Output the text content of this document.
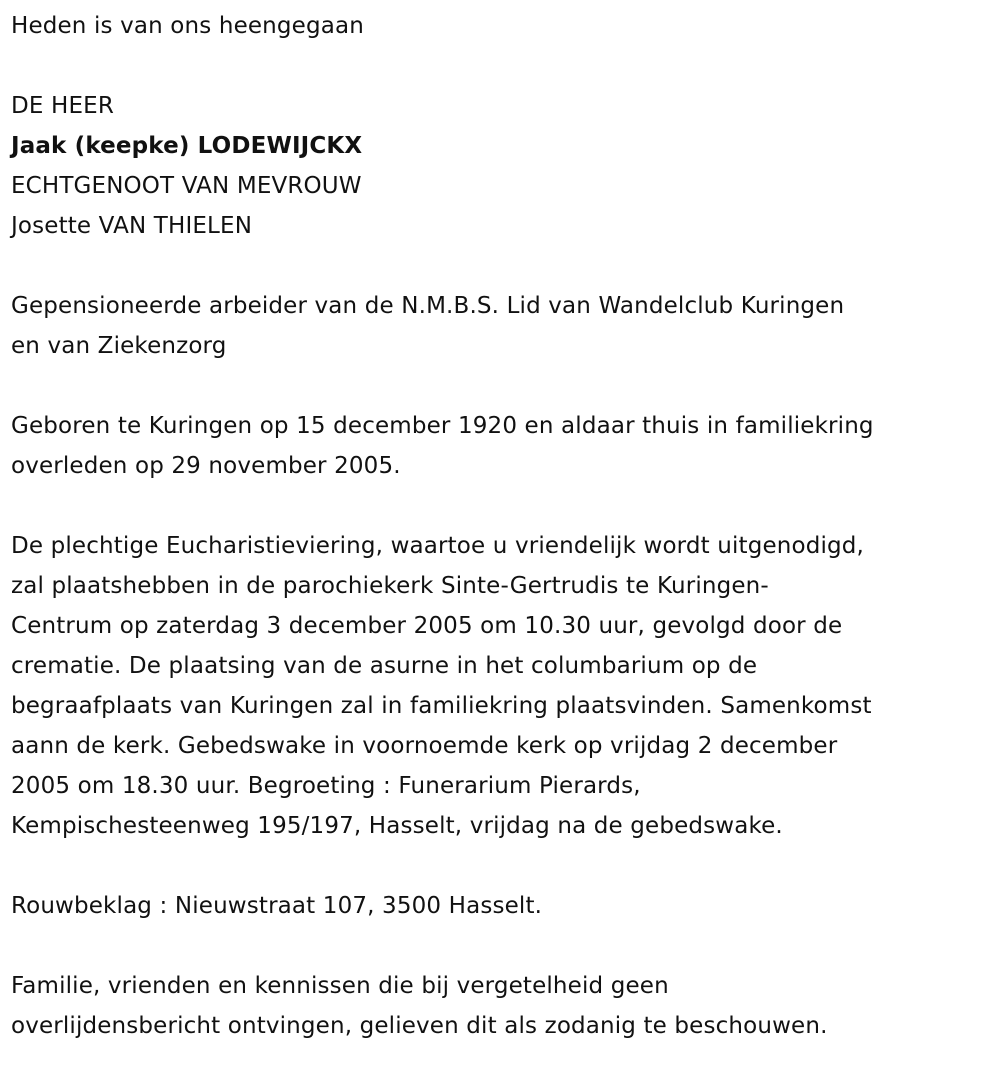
Heden is van ons heengegaan

DE HEER

Jaak (keepke) LODEWIJCKX

ECHTGENOOT VAN MEVROUW

Josette VAN THIELEN

Gepensioneerde arbeider van de N.M.B.S. Lid van Wandelclub Kuringen

en van Ziekenzorg

Geboren te Kuringen op 15 december 1920 en aldaar thuis in familiekring

overleden op 29 november 2005.

De plechtige Eucharistieviering, waartoe u vriendelijk wordt uitgenodigd,

zal plaatshebben in de parochiekerk Sinte-Gertrudis te Kuringen-

Centrum op zaterdag 3 december 2005 om 10.30 uur, gevolgd door de

crematie. De plaatsing van de asurne in het columbarium op de

begraafplaats van Kuringen zal in familiekring plaatsvinden. Samenkomst

aann de kerk. Gebedswake in voornoemde kerk op vrijdag 2 december

2005 om 18.30 uur. Begroeting : Funerarium Pierards,

Kempischesteenweg 195/197, Hasselt, vrijdag na de gebedswake.

Rouwbeklag : Nieuwstraat 107, 3500 Hasselt.

Familie, vrienden en kennissen die bij vergetelheid geen

overlijdensbericht ontvingen, gelieven dit als zodanig te beschouwen.
